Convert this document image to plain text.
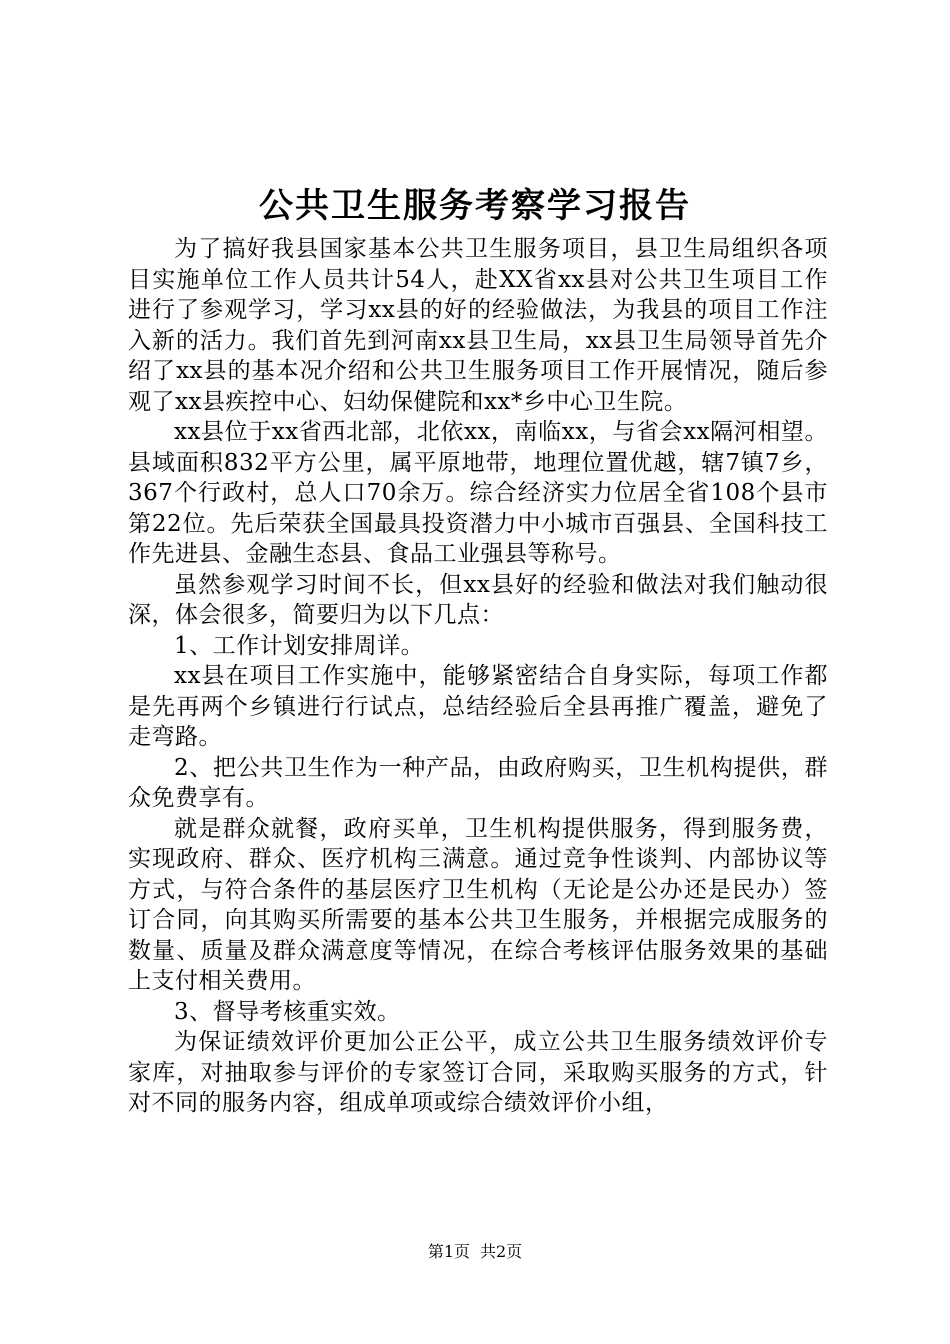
公共卫生服务考察学习报告

为了搞好我县国家基本公共卫生服务项目，县卫生局组织各项目实施单位工作人员共计54人，赴XX省xx县对公共卫生项目工作进行了参观学习，学习xx县的好的经验做法，为我县的项目工作注入新的活力。我们首先到河南xx县卫生局，xx县卫生局领导首先介绍了xx县的基本况介绍和公共卫生服务项目工作开展情况，随后参观了xx县疾控中心、妇幼保健院和xx*乡中心卫生院。

xx县位于xx省西北部，北依xx，南临xx，与省会xx隔河相望。县域面积832平方公里，属平原地带，地理位置优越，辖7镇7乡，367个行政村，总人口70余万。综合经济实力位居全省108个县市第22位。先后荣获全国最具投资潜力中小城市百强县、全国科技工作先进县、金融生态县、食品工业强县等称号。

虽然参观学习时间不长，但xx县好的经验和做法对我们触动很深，体会很多，简要归为以下几点：

1、工作计划安排周详。

xx县在项目工作实施中，能够紧密结合自身实际，每项工作都是先再两个乡镇进行行试点，总结经验后全县再推广覆盖，避免了走弯路。

2、把公共卫生作为一种产品，由政府购买，卫生机构提供，群众免费享有。

就是群众就餐，政府买单，卫生机构提供服务，得到服务费，实现政府、群众、医疗机构三满意。通过竞争性谈判、内部协议等方式，与符合条件的基层医疗卫生机构（无论是公办还是民办）签订合同，向其购买所需要的基本公共卫生服务，并根据完成服务的数量、质量及群众满意度等情况，在综合考核评估服务效果的基础上支付相关费用。

3、督导考核重实效。

为保证绩效评价更加公正公平，成立公共卫生服务绩效评价专家库，对抽取参与评价的专家签订合同，采取购买服务的方式，针对不同的服务内容，组成单项或综合绩效评价小组，

第1页 共2页
